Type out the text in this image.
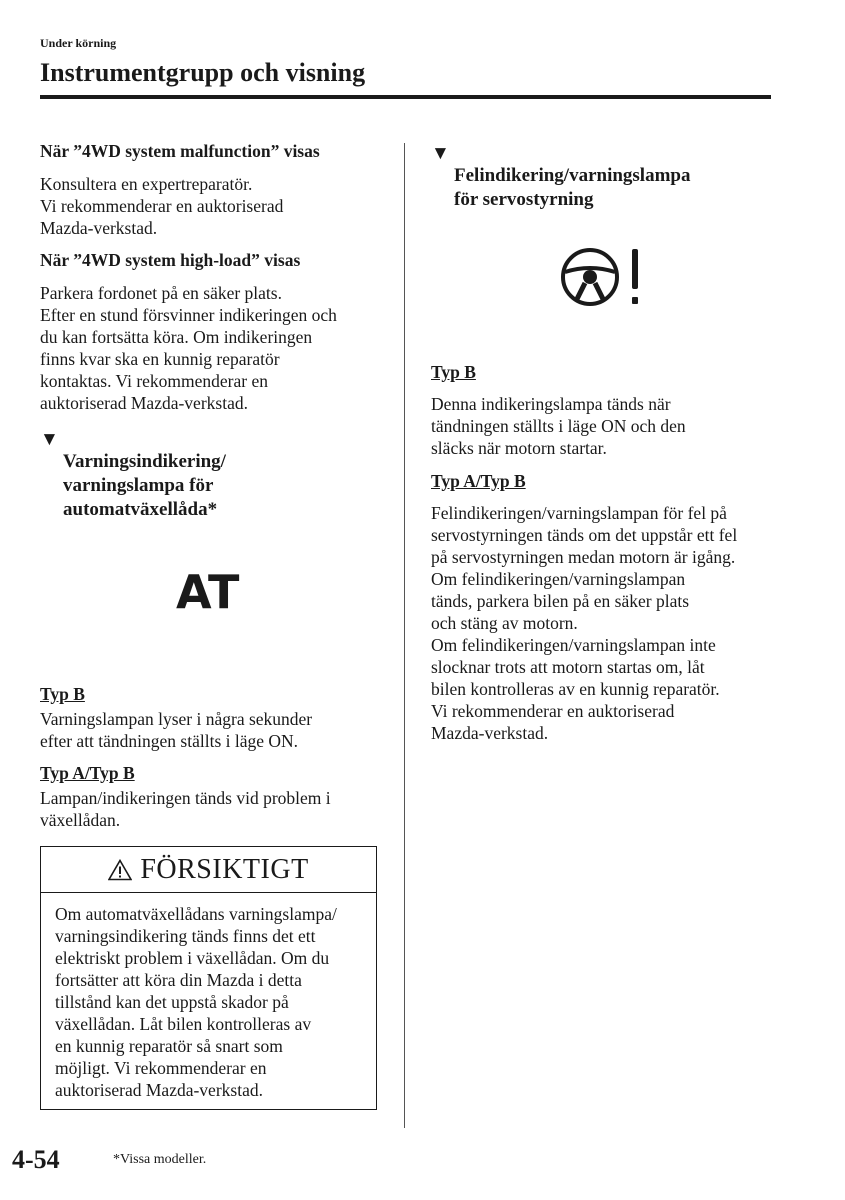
Under körning
Instrumentgrupp och visning
När ”4WD system malfunction” visas
Konsultera en expertreparatör.
Vi rekommenderar en auktoriserad
Mazda-verkstad.
När ”4WD system high-load” visas
Parkera fordonet på en säker plats.
Efter en stund försvinner indikeringen och
du kan fortsätta köra. Om indikeringen
finns kvar ska en kunnig reparatör
kontaktas. Vi rekommenderar en
auktoriserad Mazda-verkstad.

▼
Varningsindikering/
varningslampa för
automatväxellåda*

AT
Typ B
Varningslampan lyser i några sekunder
efter att tändningen ställts i läge ON.
Typ A/Typ B
Lampan/indikeringen tänds vid problem i
växellådan.
FÖRSIKTIGT
Om automatväxellådans varningslampa/
varningsindikering tänds finns det ett
elektriskt problem i växellådan. Om du
fortsätter att köra din Mazda i detta
tillstånd kan det uppstå skador på
växellådan. Låt bilen kontrolleras av
en kunnig reparatör så snart som
möjligt. Vi rekommenderar en
auktoriserad Mazda-verkstad.

▼
Felindikering/varningslampa
för servostyrning

Typ B
Denna indikeringslampa tänds när
tändningen ställts i läge ON och den
släcks när motorn startar.
Typ A/Typ B
Felindikeringen/varningslampan för fel på
servostyrningen tänds om det uppstår ett fel
på servostyrningen medan motorn är igång.
Om felindikeringen/varningslampan
tänds, parkera bilen på en säker plats
och stäng av motorn.
Om felindikeringen/varningslampan inte
slocknar trots att motorn startas om, låt
bilen kontrolleras av en kunnig reparatör.
Vi rekommenderar en auktoriserad
Mazda-verkstad.
4-54	*Vissa modeller.
